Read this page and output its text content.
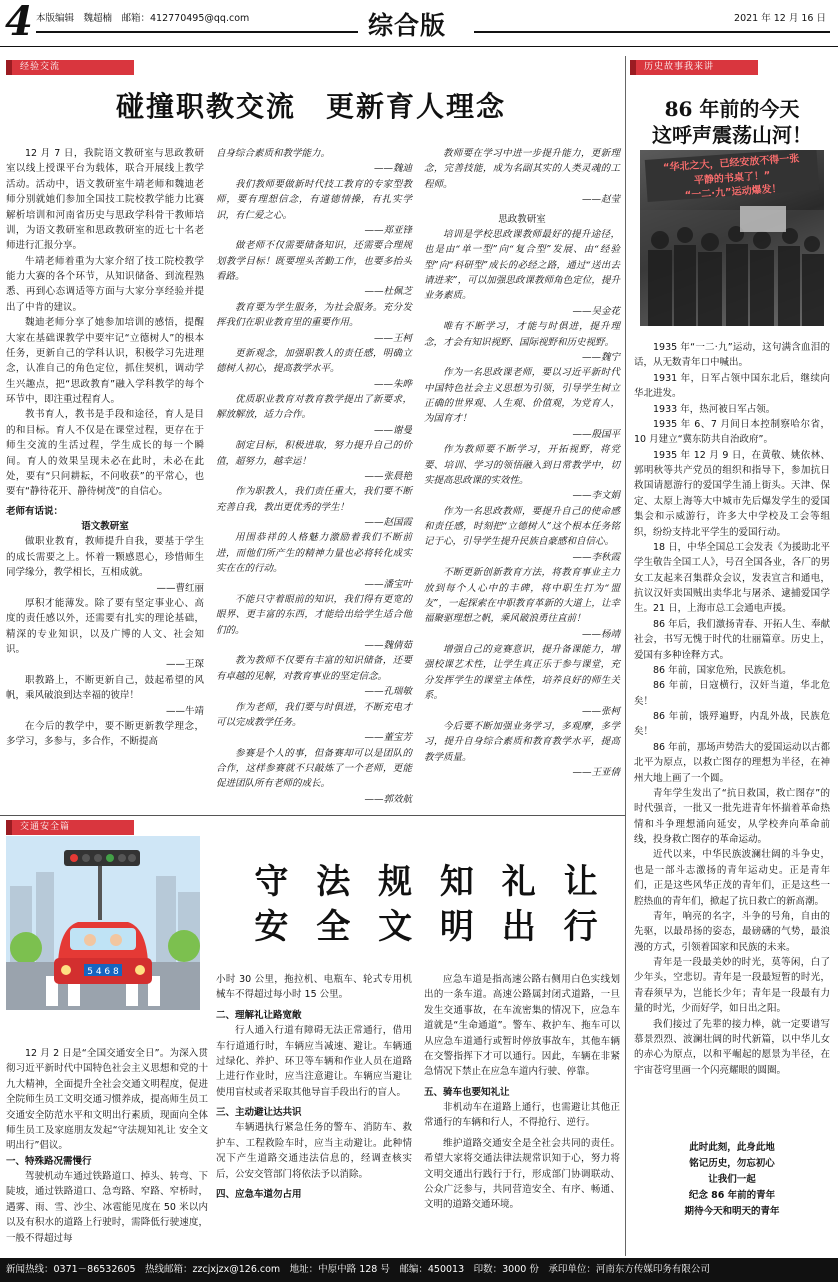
4 本版编辑　魏超楠　邮箱：412770495@qq.com	综合版	2021 年 12 月 16 日
经验交流
碰撞职教交流　更新育人理念

12 月 7 日，我院语文教研室与思政教研室以线上授课平台为载体，联合开展线上教学活动。活动中，语文教研室牛靖老师和魏迪老师分别就她们参加全国技工院校教学能力比赛解析培训和河南省历史与思政学科骨干教师培训，为语文教研室和思政教研室的近七十名老师进行汇报分享。

牛靖老师着重为大家介绍了技工院校教学能力大赛的各个环节，从知识储备、到流程熟悉、再到心态调适等方面与大家分享经验并提出了中肯的建议。

魏迪老师分享了她参加培训的感悟，提醒大家在基础课教学中要牢记“立德树人”的根本任务，更新自己的学科认识，积极学习先进理念，认准自己的角色定位，抓住契机，调动学生兴趣点，把“思政教育”融入学科教学的每个环节中，即注重过程育人。

教书育人，教书是手段和途径，育人是目的和目标。育人不仅是在课堂过程，更存在于师生交流的生活过程，学生成长的每一个瞬间。育人的效果呈现未必在此时，未必在此处，要有“只问耕耘，不问收获”的平常心，也要有“静待花开、静待树茂”的自信心。

老师有话说：

语文教研室

做职业教育，教师提升自我，要基于学生的成长需要之上。怀着一颗感恩心，珍惜师生同学缘分，教学相长，互相成就。

——曹红丽

厚积才能薄发。除了要有坚定事业心、高度的责任感以外，还需要有扎实的理论基础，精深的专业知识，以及广博的人文、社会知识。

——王琛

职教路上，不断更新自己，鼓起希望的风帆，乘风破浪到达幸福的彼岸！

——牛靖

在今后的教学中，要不断更新教学理念，多学习，多参与，多合作，不断提高

自身综合素质和教学能力。

——魏迪

我们教师要做新时代技工教育的专家型教师，要有理想信念，有道德情操，有扎实学识，有仁爱之心。

——郑亚锋

做老师不仅需要储备知识，还需要合理规划教学目标！既要埋头苦勤工作，也要多抬头看路。

——杜佩芝

教育要为学生服务，为社会服务。充分发挥我们在职业教育里的重要作用。

——王柯

更新观念，加强职教人的责任感，明确立德树人初心，提高教学水平。

——朱晔

优质职业教育对教育教学提出了新要求，解放解放，适力合作。

——谢曼

制定目标，积极进取，努力提升自己的价值，超努力，越幸运！

——张晨艳

作为职教人，我们责任重大，我们要不断充善自我，教出更优秀的学生！

——赵国霞

用围恭祥的人格魅力激励着我们不断前进，而他们所产生的精神力量也必将转化成实实在在的行动。

——潘宝叶

不能只守着眼前的知识，我们得有更宽的眼界、更丰富的东西，才能给出给学生适合他们的。

——魏倩茹

教为教师不仅要有丰富的知识储备，还要有卓越的见解，对教育事业的坚定信念。

——孔瑞敏

作为老师，我们要与时俱进，不断充电才可以完成教学任务。

——董宝芳

参赛是个人的事，但备赛却可以是团队的合作，这样参赛就不只敲炼了一个老师，更能促进团队所有老师的成长。

——郭效航

教师要在学习中进一步提升能力，更新理念，完善技能，成为名副其实的人类灵魂的工程师。

——赵莹

思政教研室

培训是学校思政课教师最好的提升途径，也是由“单一型”向“复合型”发展、由“经验型”向“科研型”成长的必经之路，通过“送出去请进来”，可以加强思政课教师角色定位，提升业务素质。

——吴金花

唯有不断学习，才能与时俱进，提升理念，才会有知识视野、国际视野和历史视野。

——魏宁

作为一名思政课老师，要以习近平新时代中国特色社会主义思想为引领，引导学生树立正确的世界观、人生观、价值观，为党育人，为国育才！

——殷国平

作为教师要不断学习，开拓视野，将党要、培训、学习的领悟融入到日常教学中，切实提高思政课的实效性。

——李文娟

作为一名思政教师，要提升自己的使命感和责任感，时刻把“立德树人”这个根本任务铭记于心，引导学生提升民族自豪感和自信心。

——李秋霞

不断更新创新教育方法，将教育事业主力放到每个人心中的丰碑，将中职生打为“盟友”，一起探索在中职教育革新的大道上，让幸福聚驱理想之帆，乘风破浪勇往直前！

——杨靖

增强自己的竞赛意识，提升备课能力，增强校课艺术性，让学生真正乐于参与课堂，充分发挥学生的课堂主体性，培养良好的师生关系。

——张柯

今后要不断加强业务学习，多观摩，多学习，提升自身综合素质和教育教学水平，提高教学质量。

——王亚倩

历史故事我来讲
86 年前的今天
这呼声震荡山河！
“华北之大，已经安放不得一张
平静的书桌了！”
“一二·九”运动爆发！

1935 年“一二·九”运动，这句满含血泪的话，从无数青年口中喊出。

1931 年，日军占领中国东北后，继续向华北进发。

1933 年，热河被日军占领。

1935 年 6、7 月间日本控制察哈尔省，10 月建立“冀东防共自治政府”。

1935 年 12 月 9 日，在黄敬、姚依林、郭明秋等共产党员的组织和指导下，参加抗日救国请愿游行的爱国学生涌上街头。天津、保定、太原上海等大中城市先后爆发学生的爱国集会和示威游行，许多大中学校及工会等组织，纷纷支持北平学生的爱国行动。

18 日，中华全国总工会发表《为援助北平学生敬告全国工人》，号召全国各业，各厂的男女工友起来召集群众会议，发表宣言和通电，抗议汉奸卖国贼出卖华北与屠杀、逮捕爱国学生。21 日，上海市总工会通电声援。

86 年后，我们激扬青春、开拓人生、奉献社会，书写无愧于时代的壮丽篇章。历史上，爱国有多种诠释方式。

86 年前，国家危殆，民族危机。

86 年前，日寇横行，汉奸当道，华北危矣！

86 年前，饿殍遍野，内乱外战，民族危矣！

86 年前，那场声势浩大的爱国运动以古都北平为原点，以救亡图存的理想为半径，在神州大地上画了一个圆。

青年学生发出了“抗日救国，救亡图存”的时代强音，一批又一批先进青年怀揣着革命热情和斗争理想涌向延安，从学校奔向革命前线，投身救亡图存的革命运动。

近代以来，中华民族波澜壮阔的斗争史，也是一部斗志激扬的青年运动史。正是青年们，正是这些风华正茂的青年们，正是这些一腔热血的青年们，掀起了抗日救亡的新高潮。

青年，响亮的名字，斗争的号角，自由的先驱，以最昂扬的姿态，最磅礴的气势，最浪漫的方式，引领着国家和民族的未来。

青年是一段最美妙的时光，莫等闲，白了少年头，空悲切。青年是一段最短暂的时光，青春须早为，岂能长少年；青年是一段最有力量的时光，少而好学，如日出之阳。

我们接过了先辈的接力棒，就一定要谱写慕景烈烈、波澜壮阔的时代新篇，以中华儿女的赤心为原点，以和平崛起的愿景为半径，在宇宙苍穹里画一个闪亮耀眼的圆圈。

此时此刻，此身此地
铭记历史，勿忘初心
让我们一起
纪念 86 年前的青年
期待今天和明天的青年
交通安全篇
5 4 6 8
守 法 规 知 礼 让
安 全 文 明 出 行

12 月 2 日是“全国交通安全日”。为深入贯彻习近平新时代中国特色社会主义思想和党的十九大精神，全面提升全社会交通文明程度，促进全院师生员工文明交通习惯养成，提高师生员工交通安全防范水平和文明出行素质，现面向全体师生员工及家庭朋友发起“守法规知礼让 安全文明出行”倡议。

一、特殊路况需慢行

驾驶机动车通过铁路道口、掉头、转弯、下陡坡，通过铁路道口、急弯路、窄路、窄桥时，遇雾、雨、雪、沙尘、冰雹能见度在 50 米以内以及有积水的道路上行驶时，需降低行驶速度，一般不得超过每

小时 30 公里，拖拉机、电瓶车、轮式专用机械车不得超过每小时 15 公里。

二、理解礼让路宽敞

行人通入行道有障碍无法正常通行，借用车行道通行时，车辆应当减速、避让。车辆通过绿化、养护、环卫等车辆和作业人员在道路上进行作业时，应当注意避让。车辆应当避让使用盲杖或者采取其他导盲手段出行的盲人。

三、主动避让达共识

车辆遇执行紧急任务的警车、消防车、救护车、工程救险车时，应当主动避让。此种情况下产生道路交通违法信息的，经调查核实后，公安交管部门将依法予以消除。

四、应急车道勿占用

应急车道是指高速公路右侧用白色实线划出的一条车道。高速公路属封闭式道路，一旦发生交通事故，在车流密集的情况下，应急车道就是“生命通道”。警车、救护车、拖车可以从应急车道通行或暂时停放事故车，其他车辆在交警指挥下才可以通行。因此，车辆在非紧急情况下禁止在应急车道内行驶、停靠。

五、骑车也要知礼让

非机动车在道路上通行，也需避让其他正常通行的车辆和行人，不得抢行、逆行。

维护道路交通安全是全社会共同的责任。希望大家将交通法律法规常识知于心，努力将文明交通出行践行于行，形成部门协调联动、公众广泛参与，共同营造安全、有序、畅通、文明的道路交通环境。

新闻热线：0371－86532605　热线邮箱：zzcjxjzx@126.com　地址：中原中路 128 号　邮编：450013　印数：3000 份　承印单位：河南东方传媒印务有限公司
